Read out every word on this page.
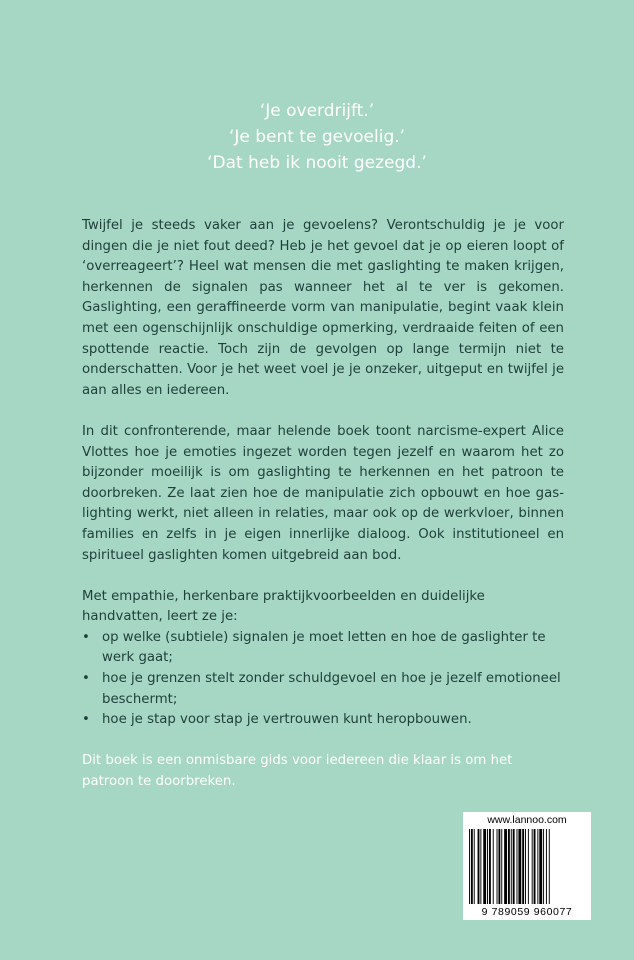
‘Je overdrijft.’
‘Je bent te gevoelig.’
‘Dat heb ik nooit gezegd.’

Twijfel je steeds vaker aan je gevoelens? Verontschuldig je je voor dingen die je niet fout deed? Heb je het gevoel dat je op eieren loopt of ‘overreageert’? Heel wat mensen die met gaslighting te maken krijgen, herkennen de signalen pas wanneer het al te ver is gekomen. Gaslighting, een geraffineerde vorm van manipulatie, begint vaak klein met een ogenschijnlijk onschuldige opmerking, verdraaide feiten of een spottende reactie. Toch zijn de gevolgen op lange termijn niet te onderschatten. Voor je het weet voel je je onzeker, uitgeput en twijfel je aan alles en iedereen.

In dit confronterende, maar helende boek toont narcisme-expert Alice Vlottes hoe je emoties ingezet worden tegen jezelf en waarom het zo bijzonder moeilijk is om gaslighting te herkennen en het patroon te doorbreken. Ze laat zien hoe de manipulatie zich opbouwt en hoe gaslighting werkt, niet alleen in relaties, maar ook op de werkvloer, binnen families en zelfs in je eigen innerlijke dialoog. Ook institutioneel en spiritueel gaslighten komen uitgebreid aan bod.

Met empathie, herkenbare praktijkvoorbeelden en duidelijke handvatten, leert ze je:

• op welke (subtiele) signalen je moet letten en hoe de gaslighter te werk gaat;
• hoe je grenzen stelt zonder schuldgevoel en hoe je jezelf emotioneel beschermt;
• hoe je stap voor stap je vertrouwen kunt heropbouwen.

Dit boek is een onmisbare gids voor iedereen die klaar is om het patroon te doorbreken.

www.lannoo.com
9 789059 960077
